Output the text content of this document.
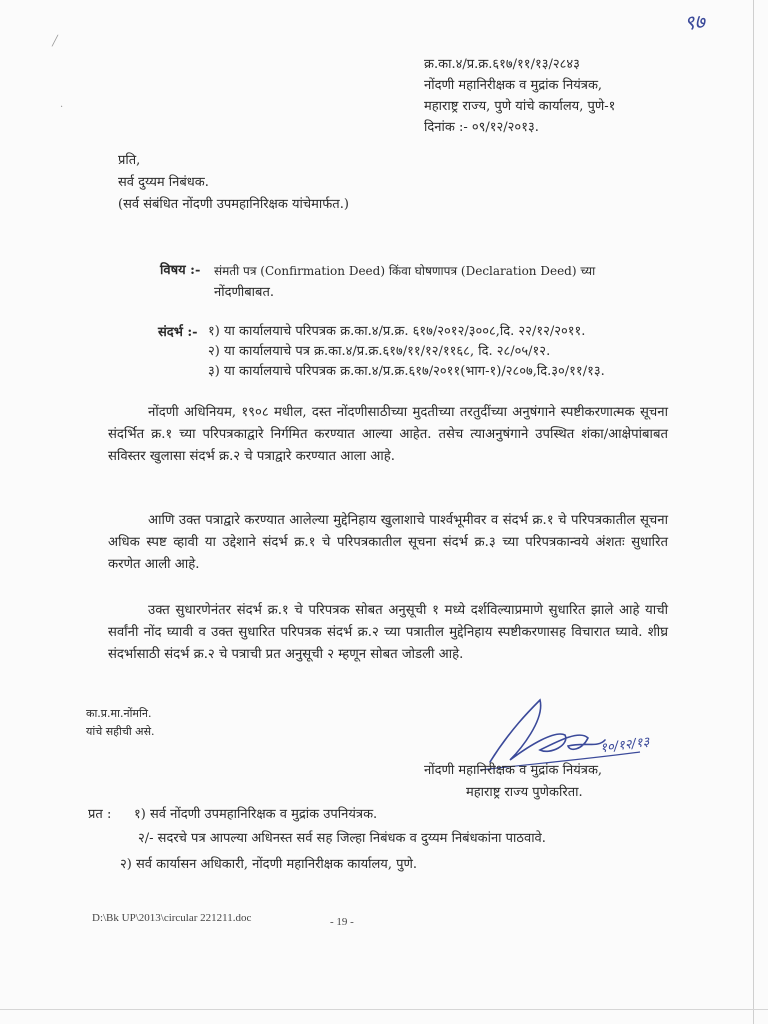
╱
·
९७
क्र.का.४/प्र.क्र.६१७/११/१३/२८४३
नोंदणी महानिरीक्षक व मुद्रांक नियंत्रक,
महाराष्ट्र राज्य, पुणे यांचे कार्यालय, पुणे-१
दिनांक :- ०९/१२/२०१३.
प्रति,
सर्व दुय्यम निबंधक.
(सर्व संबंधित नोंदणी उपमहानिरिक्षक यांचेमार्फत.)
विषय :- संमती पत्र (Confirmation Deed) किंवा घोषणापत्र (Declaration Deed) च्या
नोंदणीबाबत.
संदर्भ :- १) या कार्यालयाचे परिपत्रक क्र.का.४/प्र.क्र. ६१७/२०१२/३००८,दि. २२/१२/२०११.
२) या कार्यालयाचे पत्र क्र.का.४/प्र.क्र.६१७/११/१२/११६८, दि. २८/०५/१२.
३) या कार्यालयाचे परिपत्रक क्र.का.४/प्र.क्र.६१७/२०११(भाग-१)/२८०७,दि.३०/११/१३.
नोंदणी अधिनियम, १९०८ मधील, दस्त नोंदणीसाठीच्या मुदतीच्या तरतुदींच्या अनुषंगाने स्पष्टीकरणात्मक सूचना संदर्भित क्र.१ च्या परिपत्रकाद्वारे निर्गमित करण्यात आल्या आहेत. तसेच त्याअनुषंगाने उपस्थित शंका/आक्षेपांबाबत सविस्तर खुलासा संदर्भ क्र.२ चे पत्राद्वारे करण्यात आला आहे.
आणि उक्त पत्राद्वारे करण्यात आलेल्या मुद्देनिहाय खुलाशाचे पार्श्वभूमीवर व संदर्भ क्र.१ चे परिपत्रकातील सूचना अधिक स्पष्ट व्हावी या उद्देशाने संदर्भ क्र.१ चे परिपत्रकातील सूचना संदर्भ क्र.३ च्या परिपत्रकान्वये अंशतः सुधारित करणेत आली आहे.
उक्त सुधारणेनंतर संदर्भ क्र.१ चे परिपत्रक सोबत अनुसूची १ मध्ये दर्शविल्याप्रमाणे सुधारित झाले आहे याची सर्वांनी नोंद घ्यावी व उक्त सुधारित परिपत्रक संदर्भ क्र.२ च्या पत्रातील मुद्देनिहाय स्पष्टीकरणासह विचारात घ्यावे. शीघ्र संदर्भासाठी संदर्भ क्र.२ चे पत्राची प्रत अनुसूची २ म्हणून सोबत जोडली आहे.
का.प्र.मा.नोंमनि.
यांचे सहीची असे.
१०/१२/१३
नोंदणी महानिरीक्षक व मुद्रांक नियंत्रक,
महाराष्ट्र राज्य पुणेकरिता.
प्रत : १) सर्व नोंदणी उपमहानिरिक्षक व मुद्रांक उपनियंत्रक.
२/- सदरचे पत्र आपल्या अधिनस्त सर्व सह जिल्हा निबंधक व दुय्यम निबंधकांना पाठवावे.
२) सर्व कार्यासन अधिकारी, नोंदणी महानिरीक्षक कार्यालय, पुणे.
D:\Bk UP\2013\circular 221211.doc	- 19 -
